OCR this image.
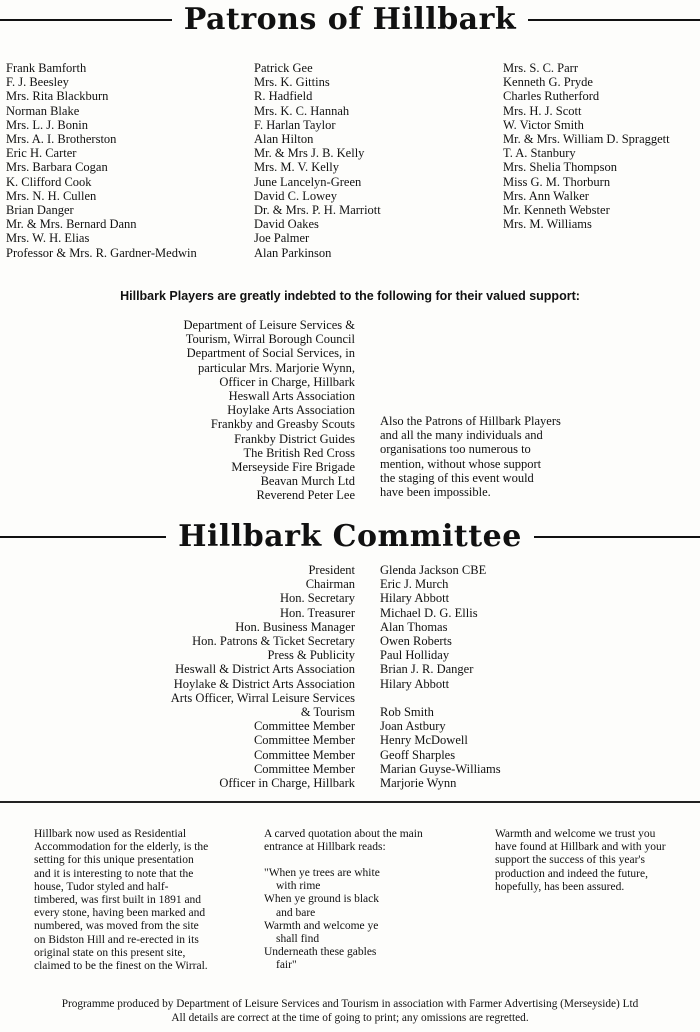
Patrons of Hillbark
Frank Bamforth
F. J. Beesley
Mrs. Rita Blackburn
Norman Blake
Mrs. L. J. Bonin
Mrs. A. I. Brotherston
Eric H. Carter
Mrs. Barbara Cogan
K. Clifford Cook
Mrs. N. H. Cullen
Brian Danger
Mr. & Mrs. Bernard Dann
Mrs. W. H. Elias
Professor & Mrs. R. Gardner-Medwin
Patrick Gee
Mrs. K. Gittins
R. Hadfield
Mrs. K. C. Hannah
F. Harlan Taylor
Alan Hilton
Mr. & Mrs J. B. Kelly
Mrs. M. V. Kelly
June Lancelyn-Green
David C. Lowey
Dr. & Mrs. P. H. Marriott
David Oakes
Joe Palmer
Alan Parkinson
Mrs. S. C. Parr
Kenneth G. Pryde
Charles Rutherford
Mrs. H. J. Scott
W. Victor Smith
Mr. & Mrs. William D. Spraggett
T. A. Stanbury
Mrs. Shelia Thompson
Miss G. M. Thorburn
Mrs. Ann Walker
Mr. Kenneth Webster
Mrs. M. Williams
Hillbark Players are greatly indebted to the following for their valued support:
Department of Leisure Services &
Tourism, Wirral Borough Council
Department of Social Services, in
particular Mrs. Marjorie Wynn,
Officer in Charge, Hillbark
Heswall Arts Association
Hoylake Arts Association
Frankby and Greasby Scouts
Frankby District Guides
The British Red Cross
Merseyside Fire Brigade
Beavan Murch Ltd
Reverend Peter Lee
Also the Patrons of Hillbark Players
and all the many individuals and
organisations too numerous to
mention, without whose support
the staging of this event would
have been impossible.
Hillbark Committee
President
Chairman
Hon. Secretary
Hon. Treasurer
Hon. Business Manager
Hon. Patrons & Ticket Secretary
Press & Publicity
Heswall & District Arts Association
Hoylake & District Arts Association
Arts Officer, Wirral Leisure Services
& Tourism
Committee Member
Committee Member
Committee Member
Committee Member
Officer in Charge, Hillbark
Glenda Jackson CBE
Eric J. Murch
Hilary Abbott
Michael D. G. Ellis
Alan Thomas
Owen Roberts
Paul Holliday
Brian J. R. Danger
Hilary Abbott

Rob Smith
Joan Astbury
Henry McDowell
Geoff Sharples
Marian Guyse-Williams
Marjorie Wynn
Hillbark now used as Residential
Accommodation for the elderly, is the
setting for this unique presentation
and it is interesting to note that the
house, Tudor styled and half-
timbered, was first built in 1891 and
every stone, having been marked and
numbered, was moved from the site
on Bidston Hill and re-erected in its
original state on this present site,
claimed to be the finest on the Wirral.
A carved quotation about the main
entrance at Hillbark reads:
"When ye trees are white
with rime
When ye ground is black
and bare
Warmth and welcome ye
shall find
Underneath these gables
fair"
Warmth and welcome we trust you
have found at Hillbark and with your
support the success of this year's
production and indeed the future,
hopefully, has been assured.
Programme produced by Department of Leisure Services and Tourism in association with Farmer Advertising (Merseyside) Ltd
All details are correct at the time of going to print; any omissions are regretted.
